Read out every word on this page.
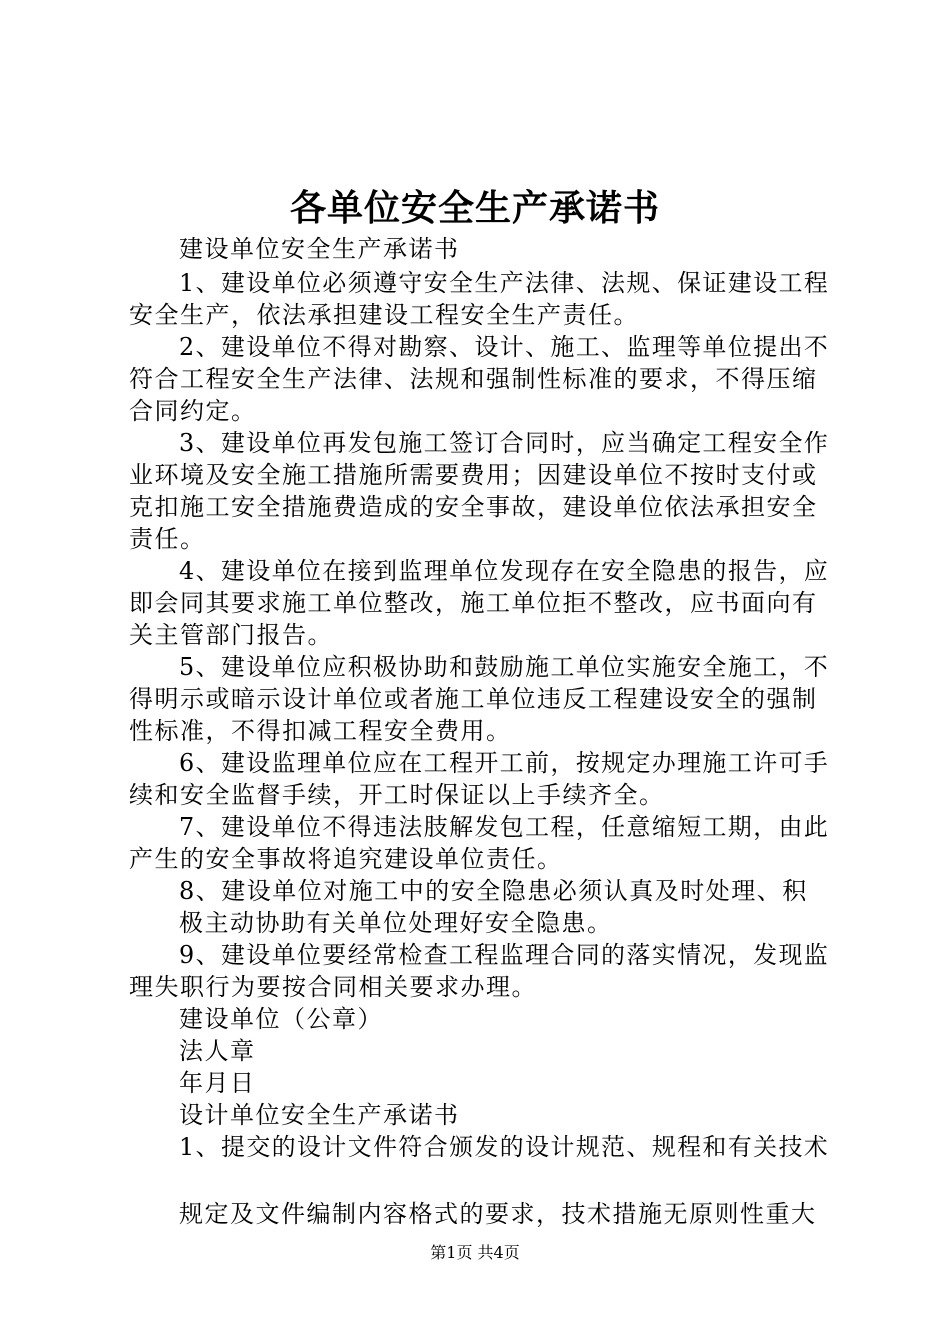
各单位安全生产承诺书
建设单位安全生产承诺书
1、建设单位必须遵守安全生产法律、法规、保证建设工程
安全生产，依法承担建设工程安全生产责任。
2、建设单位不得对勘察、设计、施工、监理等单位提出不
符合工程安全生产法律、法规和强制性标准的要求，不得压缩
合同约定。
3、建设单位再发包施工签订合同时，应当确定工程安全作
业环境及安全施工措施所需要费用；因建设单位不按时支付或
克扣施工安全措施费造成的安全事故，建设单位依法承担安全
责任。
4、建设单位在接到监理单位发现存在安全隐患的报告，应
即会同其要求施工单位整改，施工单位拒不整改，应书面向有
关主管部门报告。
5、建设单位应积极协助和鼓励施工单位实施安全施工，不
得明示或暗示设计单位或者施工单位违反工程建设安全的强制
性标准，不得扣减工程安全费用。
6、建设监理单位应在工程开工前，按规定办理施工许可手
续和安全监督手续，开工时保证以上手续齐全。
7、建设单位不得违法肢解发包工程，任意缩短工期，由此
产生的安全事故将追究建设单位责任。
8、建设单位对施工中的安全隐患必须认真及时处理、积
极主动协助有关单位处理好安全隐患。
9、建设单位要经常检查工程监理合同的落实情况，发现监
理失职行为要按合同相关要求办理。
建设单位（公章）
法人章
年月日
设计单位安全生产承诺书
1、提交的设计文件符合颁发的设计规范、规程和有关技术
规定及文件编制内容格式的要求，技术措施无原则性重大
第1页 共4页
